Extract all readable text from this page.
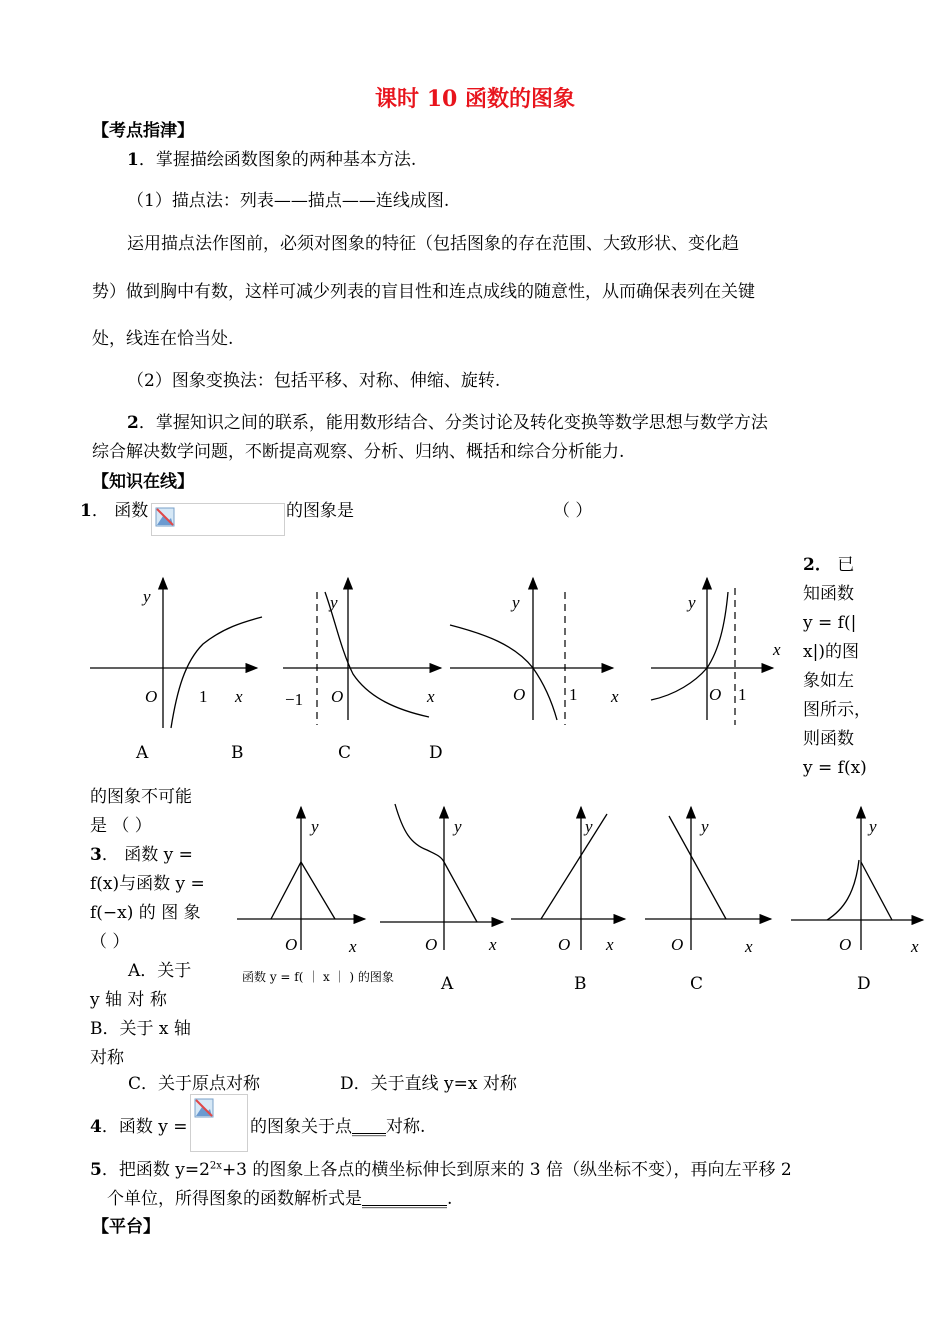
课时 10 函数的图象
【考点指津】
1．掌握描绘函数图象的两种基本方法.
（1）描点法：列表——描点——连线成图.
运用描点法作图前，必须对图象的特征（包括图象的存在范围、大致形状、变化趋
势）做到胸中有数，这样可减少列表的盲目性和连点成线的随意性，从而确保表列在关键
处，线连在恰当处.
（2）图象变换法：包括平移、对称、伸缩、旋转.
2．掌握知识之间的联系，能用数形结合、分类讨论及转化变换等数学思想与数学方法
综合解决数学问题，不断提高观察、分析、归纳、概括和综合分析能力.
【知识在线】
1． 函数	的图象是	（ ）
y
x
O 1
y
x
O
−1
y
x
O	1
y
x
O 1
A	B	C	D
2． 已
知函数
y = f(|
x|)的图
象如左
图所示，
则函数
y = f(x)
的图象不可能
是 （ ）
3． 函数 y =
f(x)与函数 y =
f(−x) 的 图 象
（ ）
A．关于
y 轴 对 称
B．关于 x 轴
对称
y
x
O
y
x
O
y
x
O
y
x
O
y
x
O
函数 y = f( ｜ x ｜ ) 的图象	A	B	C	D
C．关于原点对称	D．关于直线 y=x 对称
4．函数 y =	的图象关于点____对称.
5．把函数 $y=2^{2x}+3$ 的图象上各点的横坐标伸长到原来的 3 倍（纵坐标不变），再向左平移 2
个单位，所得图象的函数解析式是__________.
【平台】
